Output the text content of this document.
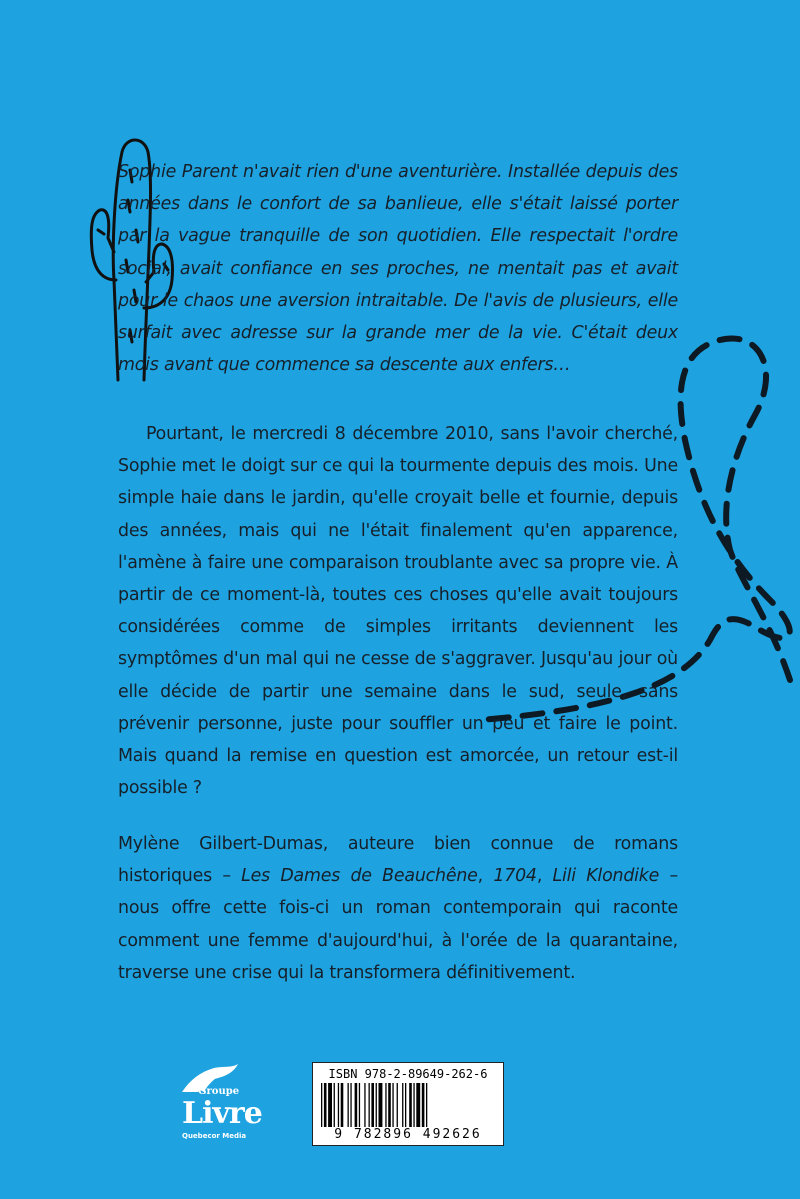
Sophie Parent n'avait rien d'une aventurière. Installée depuis des années dans le confort de sa banlieue, elle s'était laissé porter par la vague tranquille de son quotidien. Elle respectait l'ordre social, avait confiance en ses proches, ne mentait pas et avait pour le chaos une aversion intraitable. De l'avis de plusieurs, elle surfait avec adresse sur la grande mer de la vie. C'était deux mois avant que commence sa descente aux enfers…

Pourtant, le mercredi 8 décembre 2010, sans l'avoir cherché, Sophie met le doigt sur ce qui la tourmente depuis des mois. Une simple haie dans le jardin, qu'elle croyait belle et fournie, depuis des années, mais qui ne l'était finalement qu'en apparence, l'amène à faire une comparaison troublante avec sa propre vie. À partir de ce moment-là, toutes ces choses qu'elle avait toujours considérées comme de simples irritants deviennent les symptômes d'un mal qui ne cesse de s'aggraver. Jusqu'au jour où elle décide de partir une semaine dans le sud, seule, sans prévenir personne, juste pour souffler un peu et faire le point. Mais quand la remise en question est amorcée, un retour est-il possible ?

Mylène Gilbert-Dumas, auteure bien connue de romans historiques – Les Dames de Beauchêne, 1704, Lili Klondike – nous offre cette fois-ci un roman contemporain qui raconte comment une femme d'aujourd'hui, à l'orée de la quarantaine, traverse une crise qui la transformera définitivement.

Groupe
Livre
Quebecor Media
ISBN 978-2-89649-262-6
9 782896 492626
